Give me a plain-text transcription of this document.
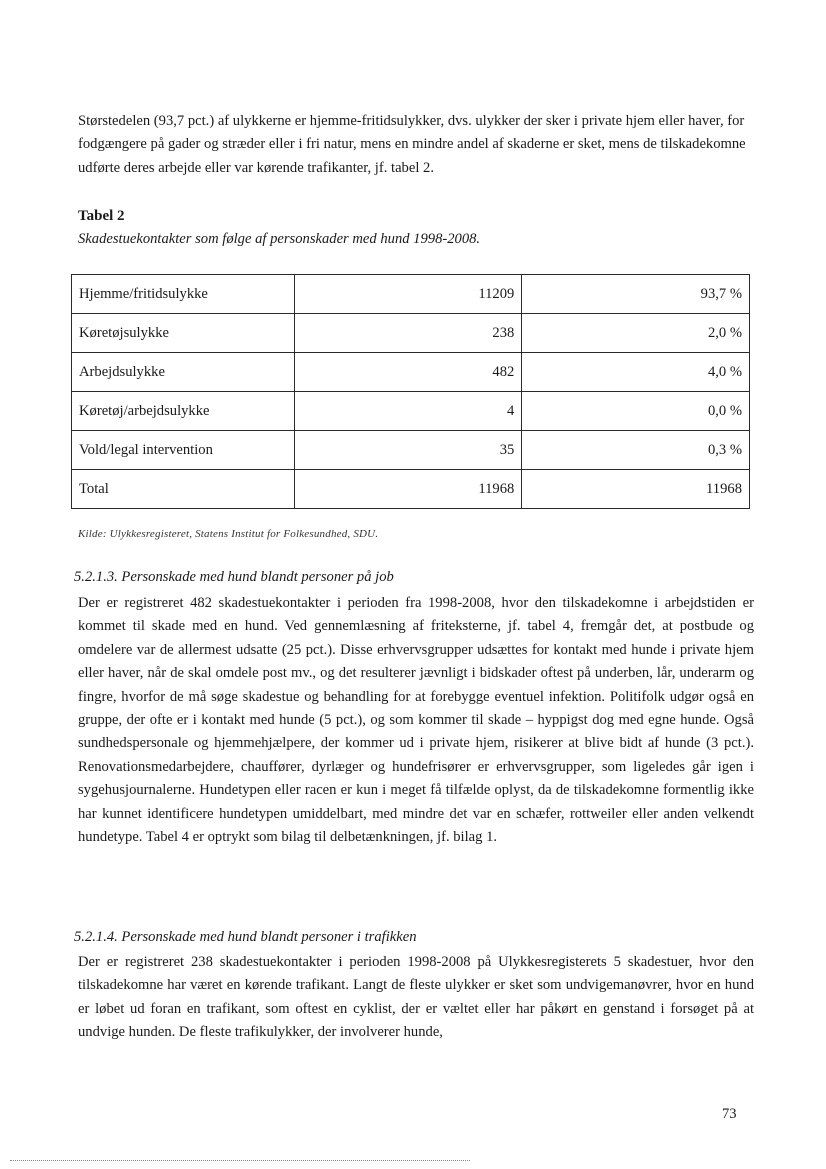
Størstedelen (93,7 pct.) af ulykkerne er hjemme-fritidsulykker, dvs. ulykker der sker i private hjem eller haver, for fodgængere på gader og stræder eller i fri natur, mens en mindre andel af skaderne er sket, mens de tilskadekomne udførte deres arbejde eller var kørende trafikanter, jf. tabel 2.

Tabel 2

Skadestuekontakter som følge af personskader med hund 1998-2008.

Hjemme/fritidsulykke	11209	93,7 %
Køretøjsulykke	238	2,0 %
Arbejdsulykke	482	4,0 %
Køretøj/arbejdsulykke	4	0,0 %
Vold/legal intervention	35	0,3 %
Total	11968	11968

Kilde: Ulykkesregisteret, Statens Institut for Folkesundhed, SDU.

5.2.1.3. Personskade med hund blandt personer på job

Der er registreret 482 skadestuekontakter i perioden fra 1998-2008, hvor den tilskadekomne i arbejdstiden er kommet til skade med en hund. Ved gennemlæsning af friteksterne, jf. tabel 4, fremgår det, at postbude og omdelere var de allermest udsatte (25 pct.). Disse erhvervsgrupper udsættes for kontakt med hunde i private hjem eller haver, når de skal omdele post mv., og det resulterer jævnligt i bidskader oftest på underben, lår, underarm og fingre, hvorfor de må søge skadestue og behandling for at forebygge eventuel infektion. Politifolk udgør også en gruppe, der ofte er i kontakt med hunde (5 pct.), og som kommer til skade – hyppigst dog med egne hunde. Også sundhedspersonale og hjemmehjælpere, der kommer ud i private hjem, risikerer at blive bidt af hunde (3 pct.). Renovationsmedarbejdere, chauffører, dyrlæger og hundefrisører er erhvervsgrupper, som ligeledes går igen i sygehusjournalerne. Hundetypen eller racen er kun i meget få tilfælde oplyst, da de tilskadekomne formentlig ikke har kunnet identificere hundetypen umiddelbart, med mindre det var en schæfer, rottweiler eller anden velkendt hundetype. Tabel 4 er optrykt som bilag til delbetænkningen, jf. bilag 1.

5.2.1.4. Personskade med hund blandt personer i trafikken

Der er registreret 238 skadestuekontakter i perioden 1998-2008 på Ulykkesregisterets 5 skadestuer, hvor den tilskadekomne har været en kørende trafikant. Langt de fleste ulykker er sket som undvigemanøvrer, hvor en hund er løbet ud foran en trafikant, som oftest en cyklist, der er væltet eller har påkørt en genstand i forsøget på at undvige hunden. De fleste trafikulykker, der involverer hunde,

73
